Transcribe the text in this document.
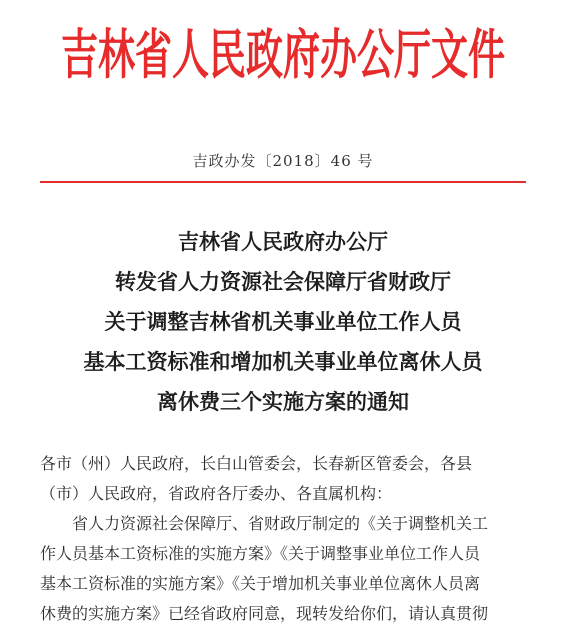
吉林省人民政府办公厅文件
吉政办发〔2018〕46 号
吉林省人民政府办公厅
转发省人力资源社会保障厅省财政厅
关于调整吉林省机关事业单位工作人员
基本工资标准和增加机关事业单位离休人员
离休费三个实施方案的通知

各市（州）人民政府，长白山管委会，长春新区管委会，各县

（市）人民政府，省政府各厅委办、各直属机构：

省人力资源社会保障厅、省财政厅制定的《关于调整机关工

作人员基本工资标准的实施方案》《关于调整事业单位工作人员

基本工资标准的实施方案》《关于增加机关事业单位离休人员离

休费的实施方案》已经省政府同意，现转发给你们，请认真贯彻
